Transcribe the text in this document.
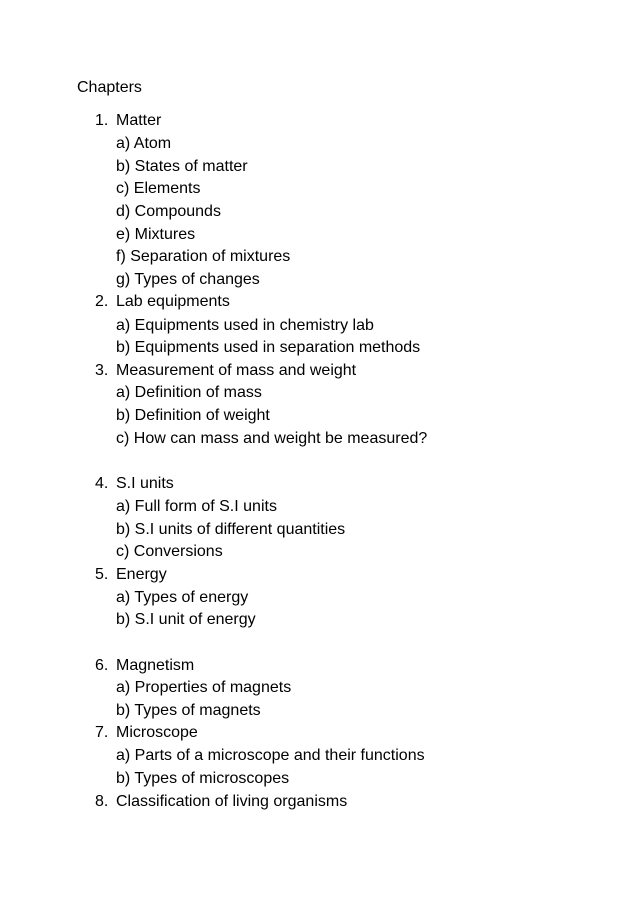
Chapters
1. Matter
a) Atom
b) States of matter
c) Elements
d) Compounds
e) Mixtures
f) Separation of mixtures
g) Types of changes
2. Lab equipments
a) Equipments used in chemistry lab
b) Equipments used in separation methods
3. Measurement of mass and weight
a) Definition of mass
b) Definition of weight
c) How can mass and weight be measured?
4. S.I units
a) Full form of S.I units
b) S.I units of different quantities
c) Conversions
5. Energy
a) Types of energy
b) S.I unit of energy
6. Magnetism
a) Properties of magnets
b) Types of magnets
7. Microscope
a) Parts of a microscope and their functions
b) Types of microscopes
8. Classification of living organisms
